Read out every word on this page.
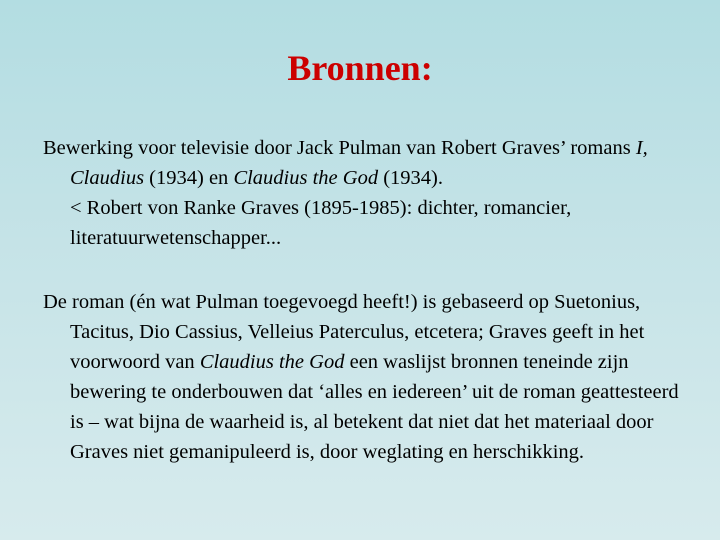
Bronnen:

Bewerking voor televisie door Jack Pulman van Robert Graves’ romans I, Claudius (1934) en Claudius the God (1934).

< Robert von Ranke Graves (1895-1985): dichter, romancier, literatuurwetenschapper...

De roman (én wat Pulman toegevoegd heeft!) is gebaseerd op Suetonius, Tacitus, Dio Cassius, Velleius Paterculus, etcetera; Graves geeft in het voorwoord van Claudius the God een waslijst bronnen teneinde zijn bewering te onderbouwen dat ‘alles en iedereen’ uit de roman geattesteerd is – wat bijna de waarheid is, al betekent dat niet dat het materiaal door Graves niet gemanipuleerd is, door weglating en herschikking.
